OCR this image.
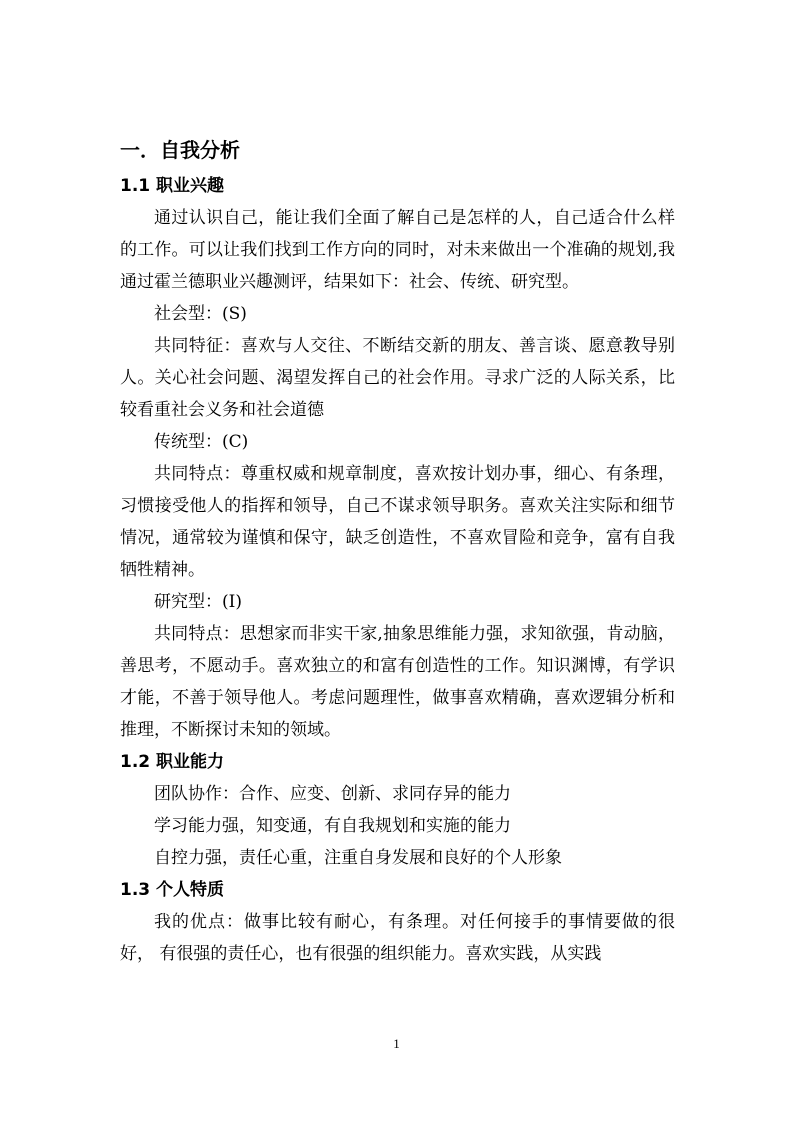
一．自我分析
1.1 职业兴趣

通过认识自己，能让我们全面了解自己是怎样的人，自己适合什么样的工作。可以让我们找到工作方向的同时，对未来做出一个准确的规划,我通过霍兰德职业兴趣测评，结果如下：社会、传统、研究型。

社会型：(S)

共同特征：喜欢与人交往、不断结交新的朋友、善言谈、愿意教导别人。关心社会问题、渴望发挥自己的社会作用。寻求广泛的人际关系，比较看重社会义务和社会道德

传统型：(C)

共同特点：尊重权威和规章制度，喜欢按计划办事，细心、有条理，习惯接受他人的指挥和领导，自己不谋求领导职务。喜欢关注实际和细节情况，通常较为谨慎和保守，缺乏创造性，不喜欢冒险和竞争，富有自我牺牲精神。

研究型：(I)

共同特点：思想家而非实干家,抽象思维能力强，求知欲强，肯动脑，善思考，不愿动手。喜欢独立的和富有创造性的工作。知识渊博，有学识才能，不善于领导他人。考虑问题理性，做事喜欢精确，喜欢逻辑分析和推理，不断探讨未知的领域。

1.2 职业能力

团队协作：合作、应变、创新、求同存异的能力

学习能力强，知变通，有自我规划和实施的能力

自控力强，责任心重，注重自身发展和良好的个人形象

1.3 个人特质

我的优点：做事比较有耐心，有条理。对任何接手的事情要做的很好， 有很强的责任心，也有很强的组织能力。喜欢实践，从实践

1
